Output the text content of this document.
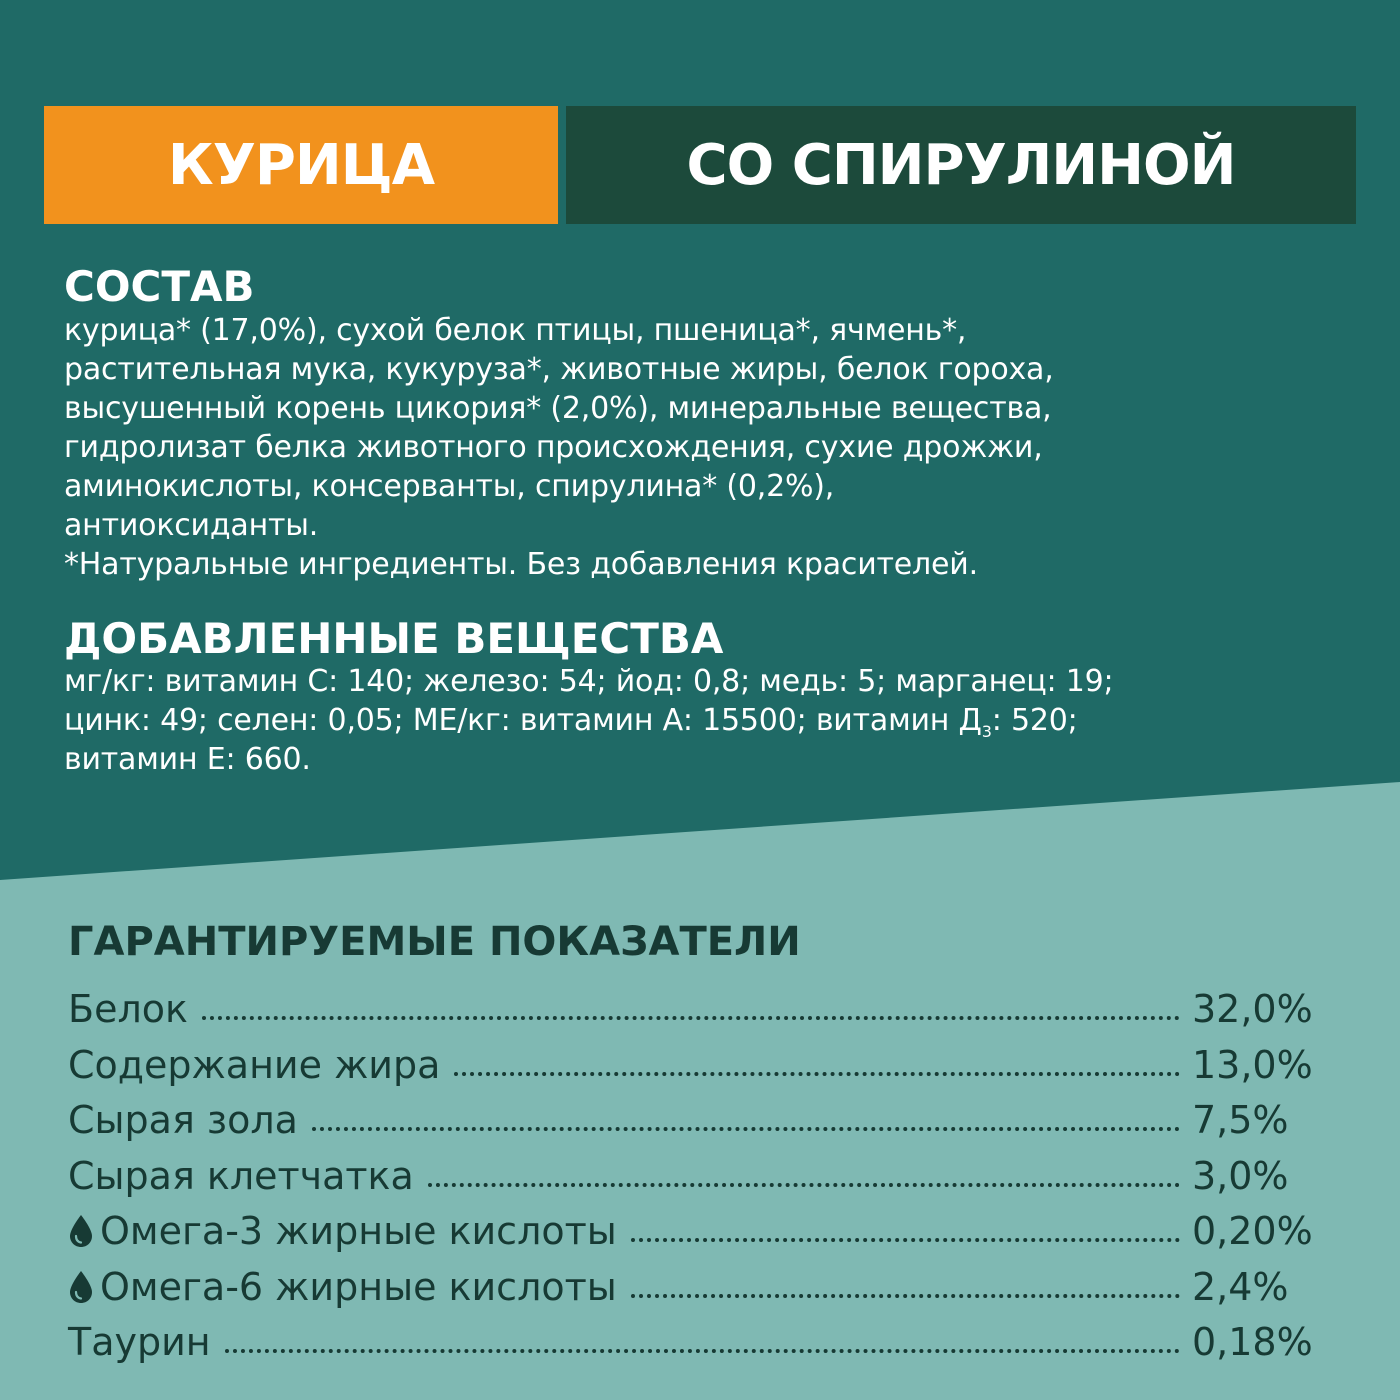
КУРИЦА	СО СПИРУЛИНОЙ
СОСТАВ
курица* (17,0%), сухой белок птицы, пшеница*, ячмень*,
растительная мука, кукуруза*, животные жиры, белок гороха,
высушенный корень цикория* (2,0%), минеральные вещества,
гидролизат белка животного происхождения, сухие дрожжи,
аминокислоты, консерванты, спирулина* (0,2%),
антиоксиданты.
*Натуральные ингредиенты. Без добавления красителей.
ДОБАВЛЕННЫЕ ВЕЩЕСТВА
мг/кг: витамин С: 140; железо: 54; йод: 0,8; медь: 5; марганец: 19;
цинк: 49; селен: 0,05; МЕ/кг: витамин А: 15500; витамин $Д_3$: 520;
витамин Е: 660.
ГАРАНТИРУЕМЫЕ ПОКАЗАТЕЛИ
Белок	32,0%
Содержание жира	13,0%
Сырая зола	7,5%
Сырая клетчатка	3,0%
Омега-3 жирные кислоты	0,20%
Омега-6 жирные кислоты	2,4%
Таурин	0,18%
